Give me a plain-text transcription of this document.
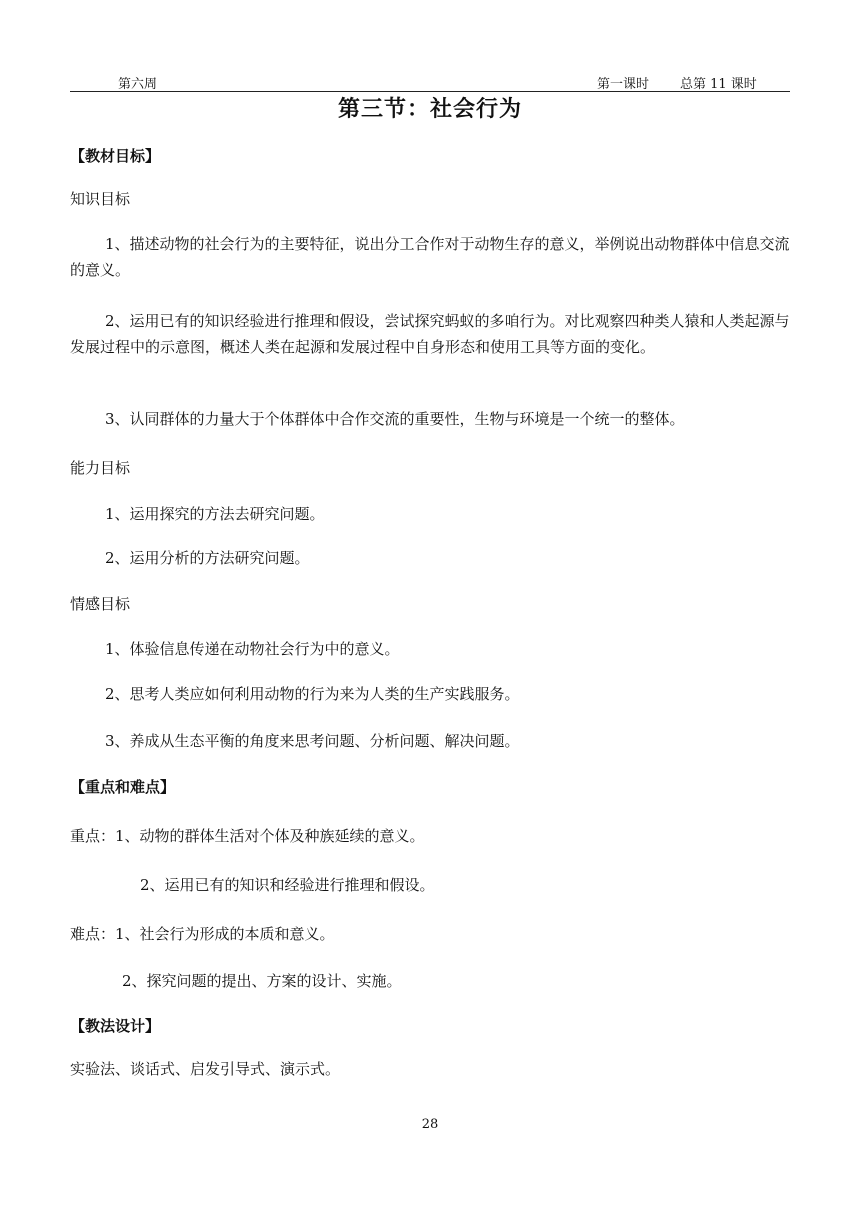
第六周	第一课时 总第 11 课时
第三节：社会行为
【教材目标】
知识目标
1、描述动物的社会行为的主要特征，说出分工合作对于动物生存的意义，举例说出动物群体中信息交流的意义。
2、运用已有的知识经验进行推理和假设，尝试探究蚂蚁的多咱行为。对比观察四种类人猿和人类起源与发展过程中的示意图，概述人类在起源和发展过程中自身形态和使用工具等方面的变化。
3、认同群体的力量大于个体群体中合作交流的重要性，生物与环境是一个统一的整体。
能力目标
1、运用探究的方法去研究问题。
2、运用分析的方法研究问题。
情感目标
1、体验信息传递在动物社会行为中的意义。
2、思考人类应如何利用动物的行为来为人类的生产实践服务。
3、养成从生态平衡的角度来思考问题、分析问题、解决问题。
【重点和难点】
重点：1、动物的群体生活对个体及种族延续的意义。
2、运用已有的知识和经验进行推理和假设。
难点：1、社会行为形成的本质和意义。
2、探究问题的提出、方案的设计、实施。
【教法设计】
实验法、谈话式、启发引导式、演示式。
28
